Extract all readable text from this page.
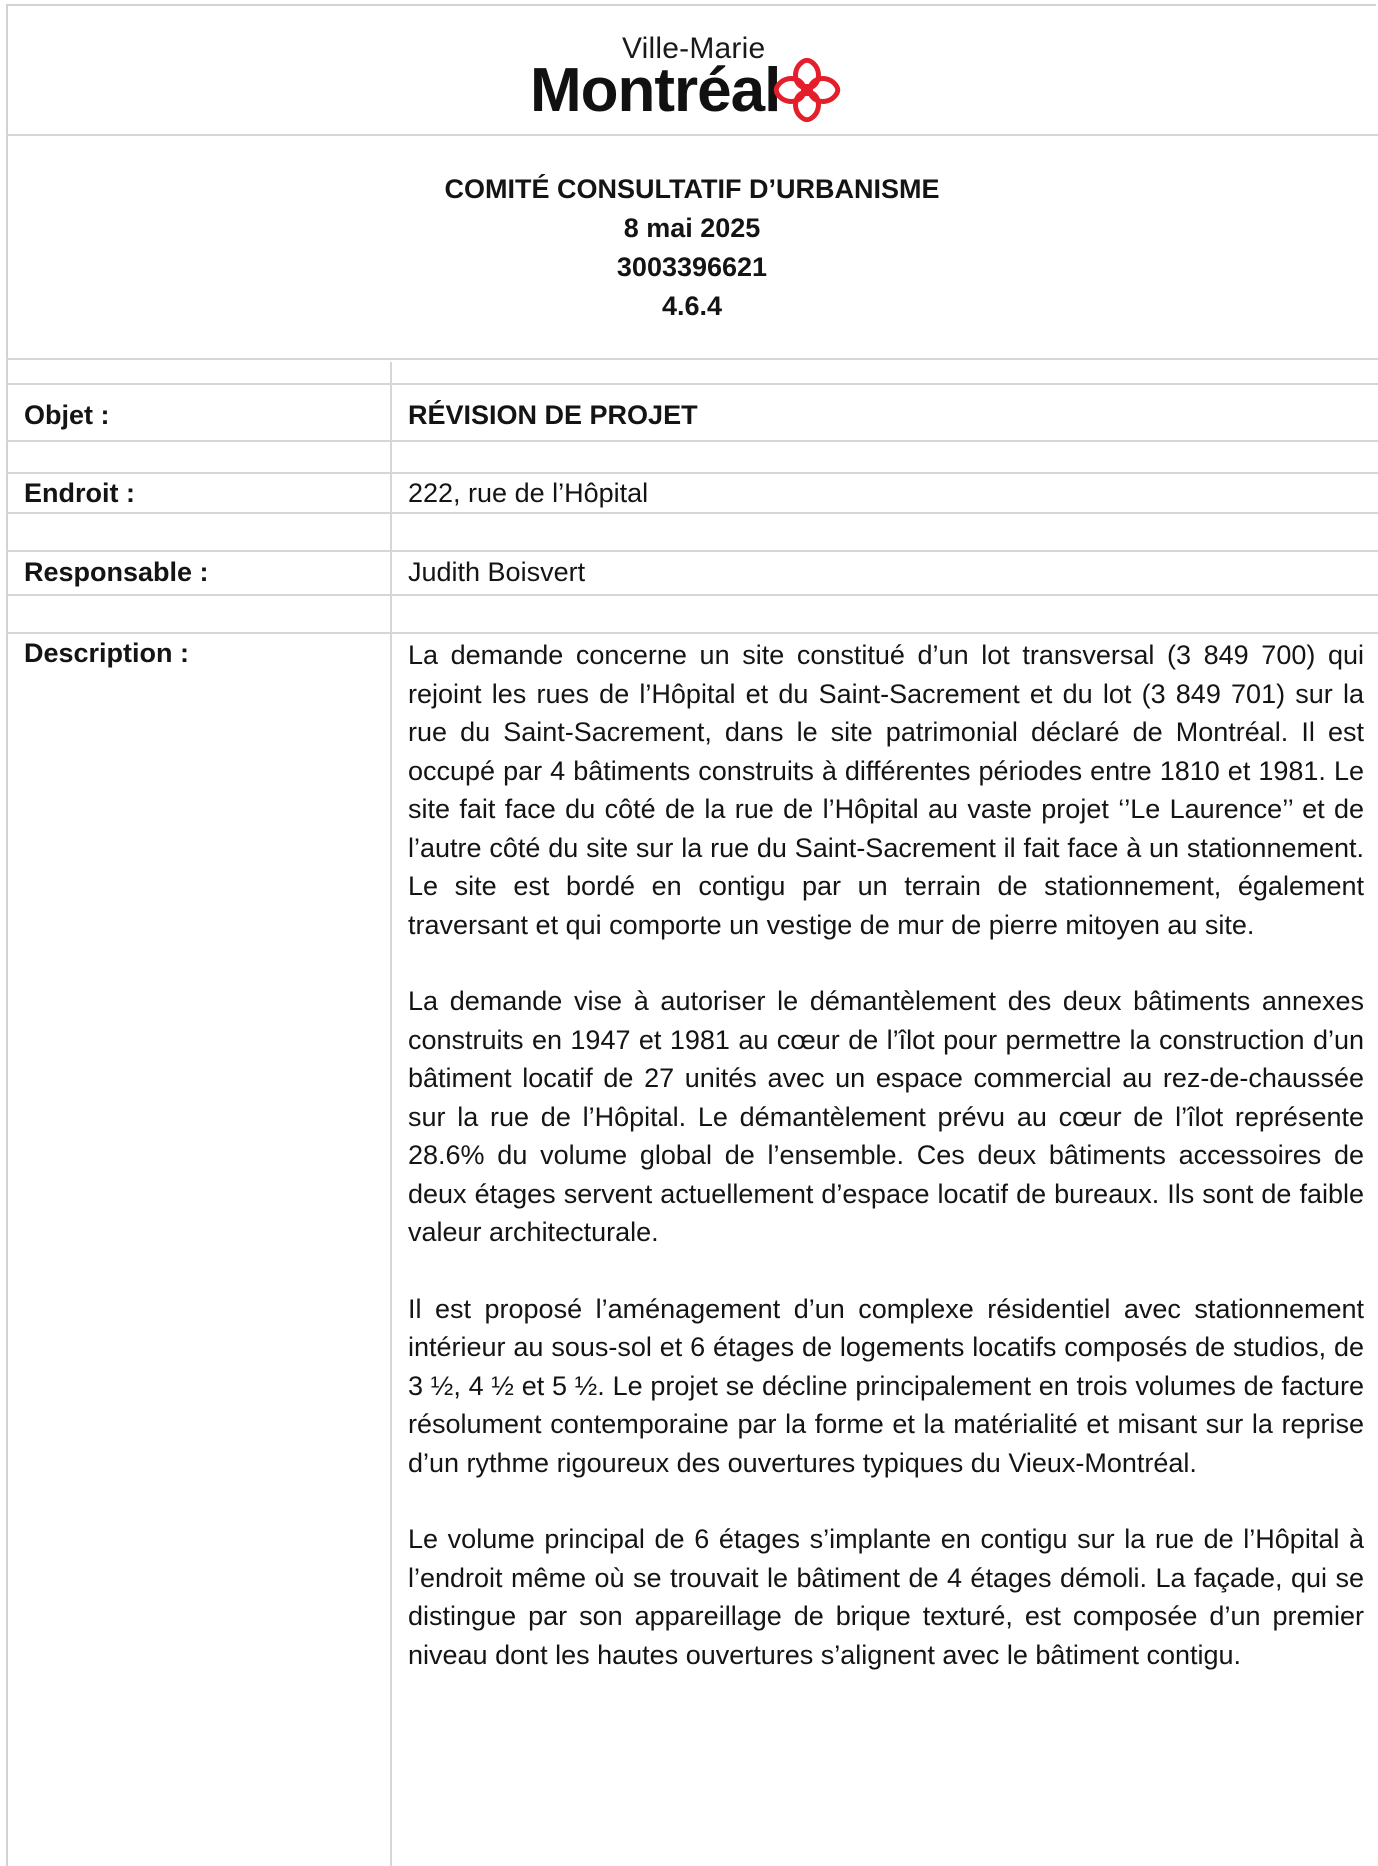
Ville-Marie
Montréal
COMITÉ CONSULTATIF D’URBANISME
8 mai 2025
3003396621
4.6.4
Objet :	RÉVISION DE PROJET
Endroit :	222, rue de l’Hôpital
Responsable :	Judith Boisvert
Description :	La demande concerne un site constitué d’un lot transversal (3 849 700) qui rejoint les rues de l’Hôpital et du Saint-Sacrement et du lot (3 849 701) sur la rue du Saint-Sacrement, dans le site patrimonial déclaré de Montréal. Il est occupé par 4 bâtiments construits à différentes périodes entre 1810 et 1981. Le site fait face du côté de la rue de l’Hôpital au vaste projet ‘’Le Laurence’’ et de l’autre côté du site sur la rue du Saint-Sacrement il fait face à un stationnement. Le site est bordé en contigu par un terrain de stationnement, également traversant et qui comporte un vestige de mur de pierre mitoyen au site.

La demande vise à autoriser le démantèlement des deux bâtiments annexes construits en 1947 et 1981 au cœur de l’îlot pour permettre la construction d’un bâtiment locatif de 27 unités avec un espace commercial au rez-de-chaussée sur la rue de l’Hôpital. Le démantèlement prévu au cœur de l’îlot représente 28.6% du volume global de l’ensemble. Ces deux bâtiments accessoires de deux étages servent actuellement d’espace locatif de bureaux. Ils sont de faible valeur architecturale.

Il est proposé l’aménagement d’un complexe résidentiel avec stationnement intérieur au sous-sol et 6 étages de logements locatifs composés de studios, de 3 ½, 4 ½ et 5 ½. Le projet se décline principalement en trois volumes de facture résolument contemporaine par la forme et la matérialité et misant sur la reprise d’un rythme rigoureux des ouvertures typiques du Vieux-Montréal.

Le volume principal de 6 étages s’implante en contigu sur la rue de l’Hôpital à l’endroit même où se trouvait le bâtiment de 4 étages démoli. La façade, qui se distingue par son appareillage de brique texturé, est composée d’un premier niveau dont les hautes ouvertures s’alignent avec le bâtiment contigu.
